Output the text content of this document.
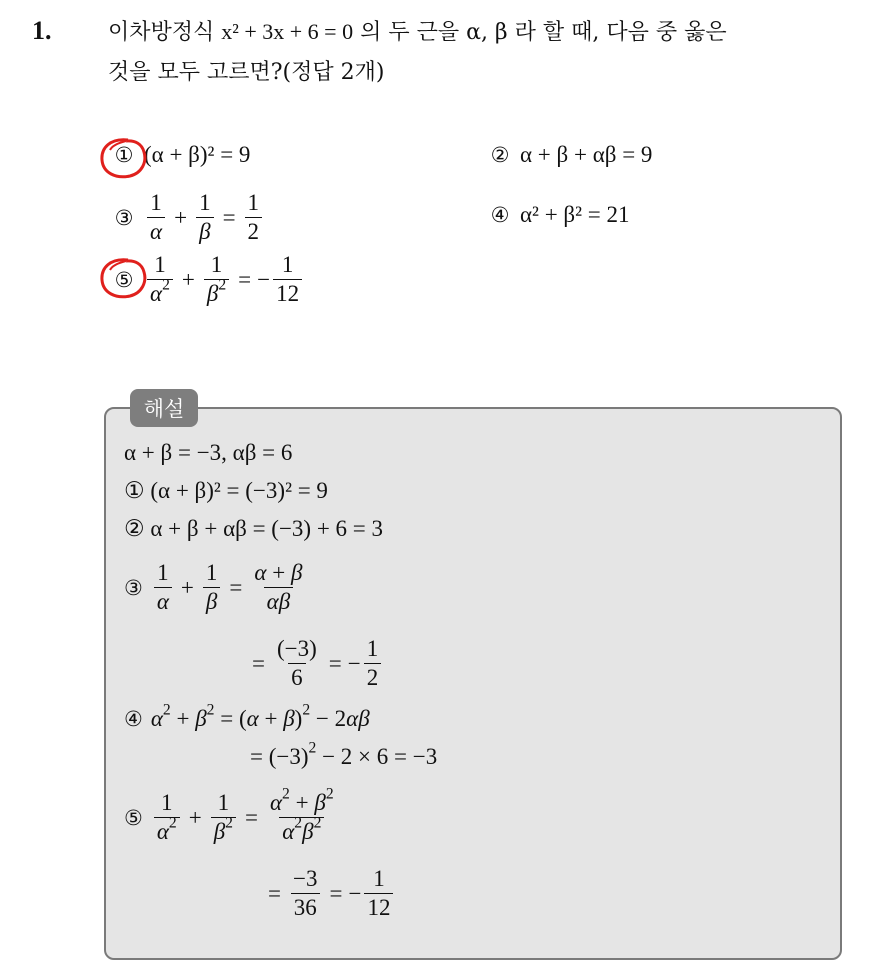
1.	이차방정식 x² + 3x + 6 = 0 의 두 근을 α, β 라 할 때, 다음 중 옳은
것을 모두 고르면?(정답 2개)
① (α + β)² = 9	② α + β + αβ = 9
③ $\frac{1}{\alpha} + \frac{1}{\beta} = \frac{1}{2}$	④ α² + β² = 21
⑤ $\frac{1}{\alpha^2} + \frac{1}{\beta^2}$ = − $\frac{1}{12}$
해설
α + β = −3, αβ = 6
① (α + β)² = (−3)² = 9
② α + β + αβ = (−3) + 6 = 3
③ $\frac{1}{\alpha} + \frac{1}{\beta} = \frac{\alpha + \beta}{\alpha\beta}$
= $\frac{(-3)}{6}$ = − $\frac{1}{2}$
④ $\alpha^2 + \beta^2 = (\alpha + \beta)^2 - 2\alpha\beta$
= $(-3)^2 - 2 \times 6 = -3$
⑤ $\frac{1}{\alpha^2} + \frac{1}{\beta^2} = \frac{\alpha^2 + \beta^2}{\alpha^2\beta^2}$
= $\frac{-3}{36}$ = − $\frac{1}{12}$
